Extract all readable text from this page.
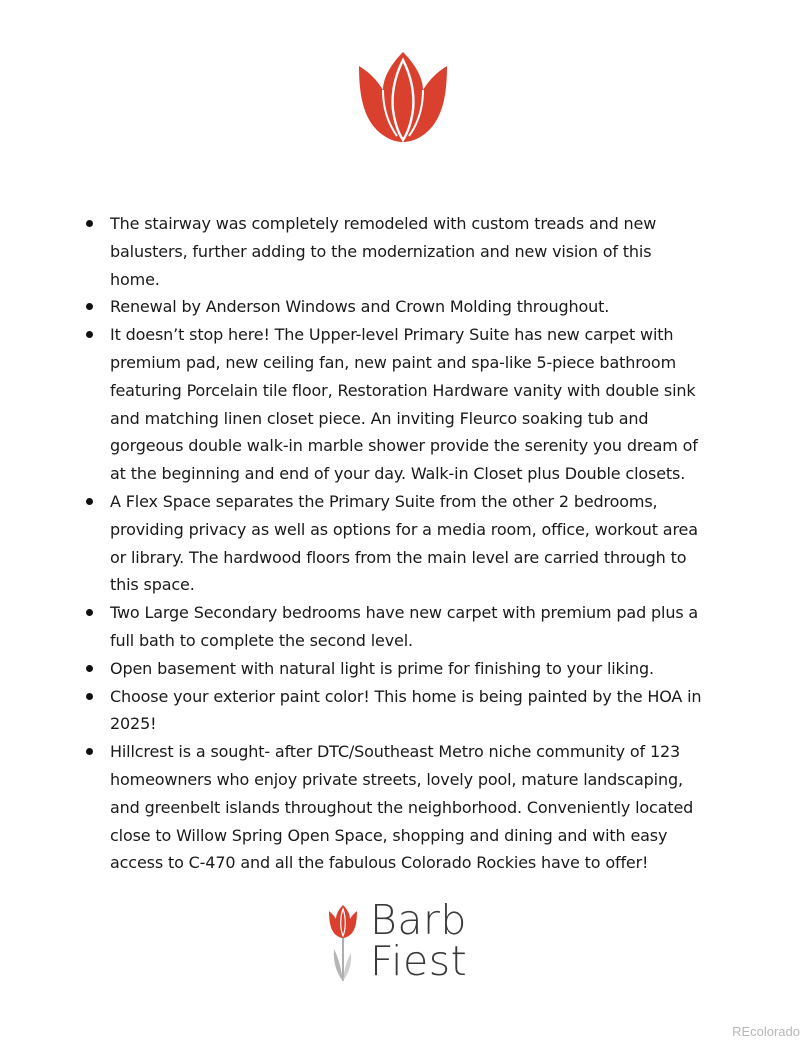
The stairway was completely remodeled with custom treads and new balusters, further adding to the modernization and new vision of this home.
Renewal by Anderson Windows and Crown Molding throughout.
It doesn’t stop here! The Upper-level Primary Suite has new carpet with premium pad, new ceiling fan, new paint and spa-like 5-piece bathroom featuring Porcelain tile floor, Restoration Hardware vanity with double sink and matching linen closet piece. An inviting Fleurco soaking tub and gorgeous double walk-in marble shower provide the serenity you dream of at the beginning and end of your day. Walk-in Closet plus Double closets.
A Flex Space separates the Primary Suite from the other 2 bedrooms, providing privacy as well as options for a media room, office, workout area or library. The hardwood floors from the main level are carried through to this space.
Two Large Secondary bedrooms have new carpet with premium pad plus a full bath to complete the second level.
Open basement with natural light is prime for finishing to your liking.
Choose your exterior paint color! This home is being painted by the HOA in 2025!
Hillcrest is a sought- after DTC/Southeast Metro niche community of 123 homeowners who enjoy private streets, lovely pool, mature landscaping, and greenbelt islands throughout the neighborhood. Conveniently located close to Willow Spring Open Space, shopping and dining and with easy access to C-470 and all the fabulous Colorado Rockies have to offer!
Barb
Fiest
REcolorado
